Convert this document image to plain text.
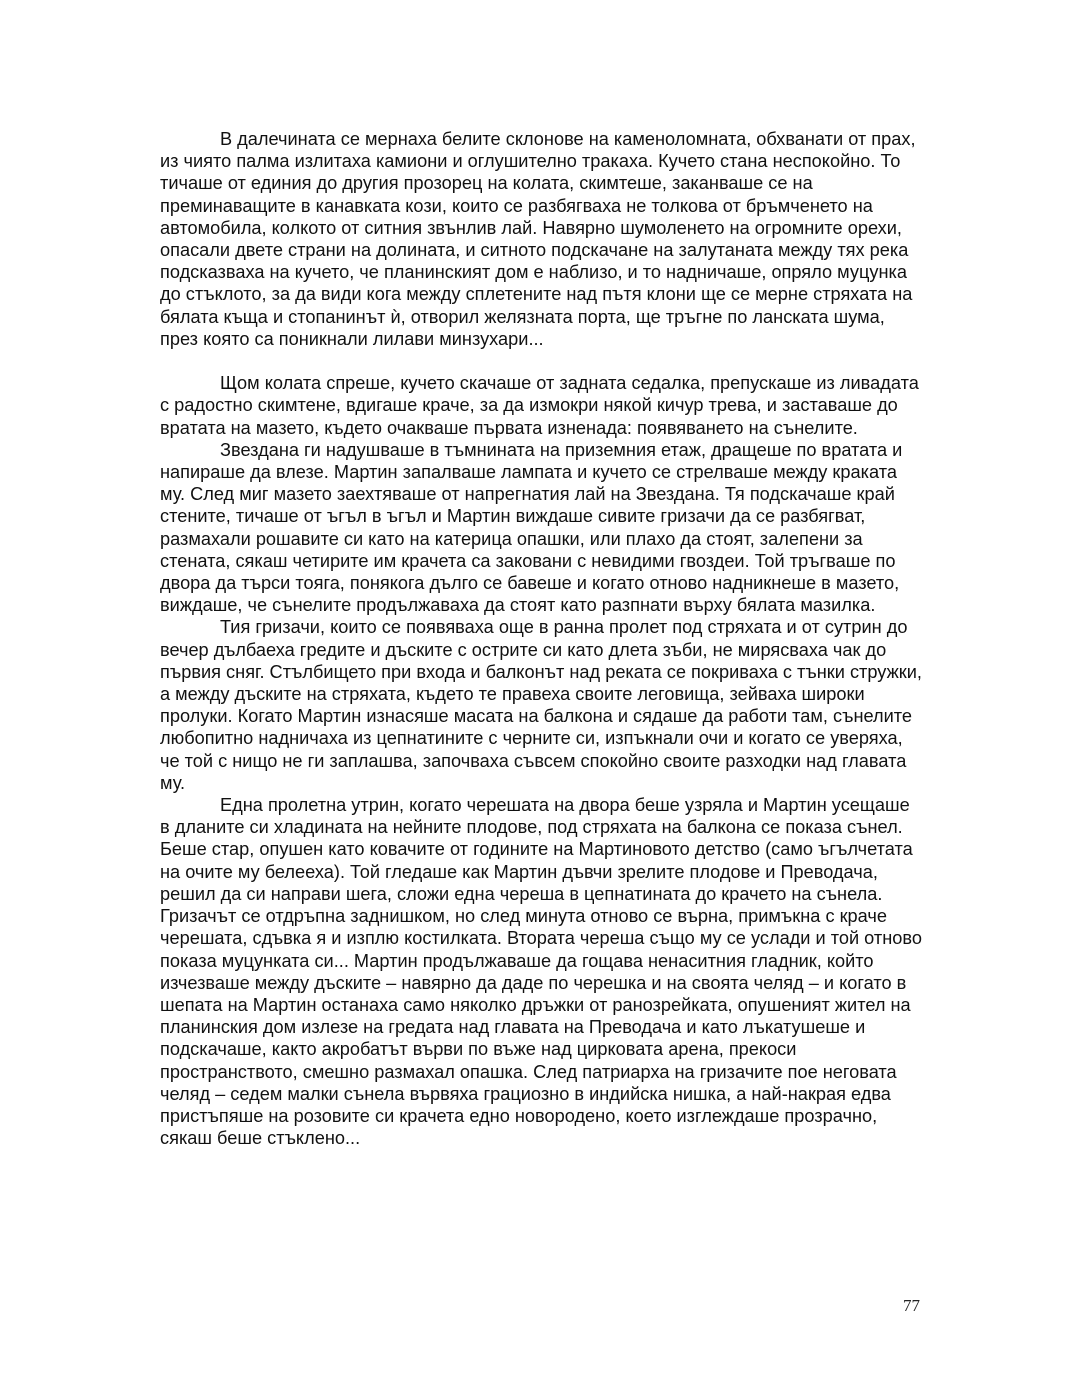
В далечината се мернаха белите склонове на каменоломната, обхванати от прах, из чиято палма излитаха камиони и оглушително тракаха. Кучето стана неспокойно. То тичаше от единия до другия прозорец на колата, скимтеше, заканваше се на преминаващите в канавката кози, които се разбягваха не толкова от бръмченето на автомобила, колкото от ситния звънлив лай. Навярно шумоленето на огромните орехи, опасали двете страни на долината, и ситното подскачане на залутаната между тях река подсказваха на кучето, че планинският дом е наблизо, и то надничаше, опряло муцунка до стъклото, за да види кога между сплетените над пътя клони ще се мерне стряхата на бялата къща и стопанинът ѝ, отворил желязната порта, ще тръгне по ланската шума, през която са поникнали лилави минзухари...

Щом колата спреше, кучето скачаше от задната седалка, препускаше из ливадата с радостно скимтене, вдигаше краче, за да измокри някой кичур трева, и заставаше до вратата на мазето, където очакваше първата изненада: появяването на сънелите.

Звездана ги надушваше в тъмнината на приземния етаж, дращеше по вратата и напираше да влезе. Мартин запалваше лампата и кучето се стрелваше между краката му. След миг мазето заехтяваше от напрегнатия лай на Звездана. Тя подскачаше край стените, тичаше от ъгъл в ъгъл и Мартин виждаше сивите гризачи да се разбягват, размахали рошавите си като на катерица опашки, или плахо да стоят, залепени за стената, сякаш четирите им крачета са заковани с невидими гвоздеи. Той тръгваше по двора да търси тояга, понякога дълго се бавеше и когато отново надникнеше в мазето, виждаше, че сънелите продължаваха да стоят като разпнати върху бялата мазилка.

Тия гризачи, които се появяваха още в ранна пролет под стряхата и от сутрин до вечер дълбаеха гредите и дъските с острите си като длета зъби, не мирясваха чак до първия сняг. Стълбището при входа и балконът над реката се покриваха с тънки стружки, а между дъските на стряхата, където те правеха своите леговища, зейваха широки пролуки. Когато Мартин изнасяше масата на балкона и сядаше да работи там, сънелите любопитно надничаха из цепнатините с черните си, изпъкнали очи и когато се уверяха, че той с нищо не ги заплашва, започваха съвсем спокойно своите разходки над главата му.

Една пролетна утрин, когато черешата на двора беше узряла и Мартин усещаше в дланите си хладината на нейните плодове, под стряхата на балкона се показа сънел. Беше стар, опушен като ковачите от годините на Мартиновото детство (само ъгълчетата на очите му белееха). Той гледаше как Мартин дъвчи зрелите плодове и Преводача, решил да си направи шега, сложи една череша в цепнатината до крачето на сънела. Гризачът се отдръпна заднишком, но след минута отново се върна, примъкна с краче черешата, сдъвка я и изплю костилката. Втората череша също му се услади и той отново показа муцунката си... Мартин продължаваше да гощава ненаситния гладник, който изчезваше между дъските – навярно да даде по черешка и на своята челяд – и когато в шепата на Мартин останаха само няколко дръжки от ранозрейката, опушеният жител на планинския дом излезе на гредата над главата на Преводача и като лъкатушеше и подскачаше, както акробатът върви по въже над цирковата арена, прекоси пространството, смешно размахал опашка. След патриарха на гризачите пое неговата челяд – седем малки сънела вървяха грациозно в индийска нишка, а най-накрая едва пристъпяше на розовите си крачета едно новородено, което изглеждаше прозрачно, сякаш беше стъклено...

77
